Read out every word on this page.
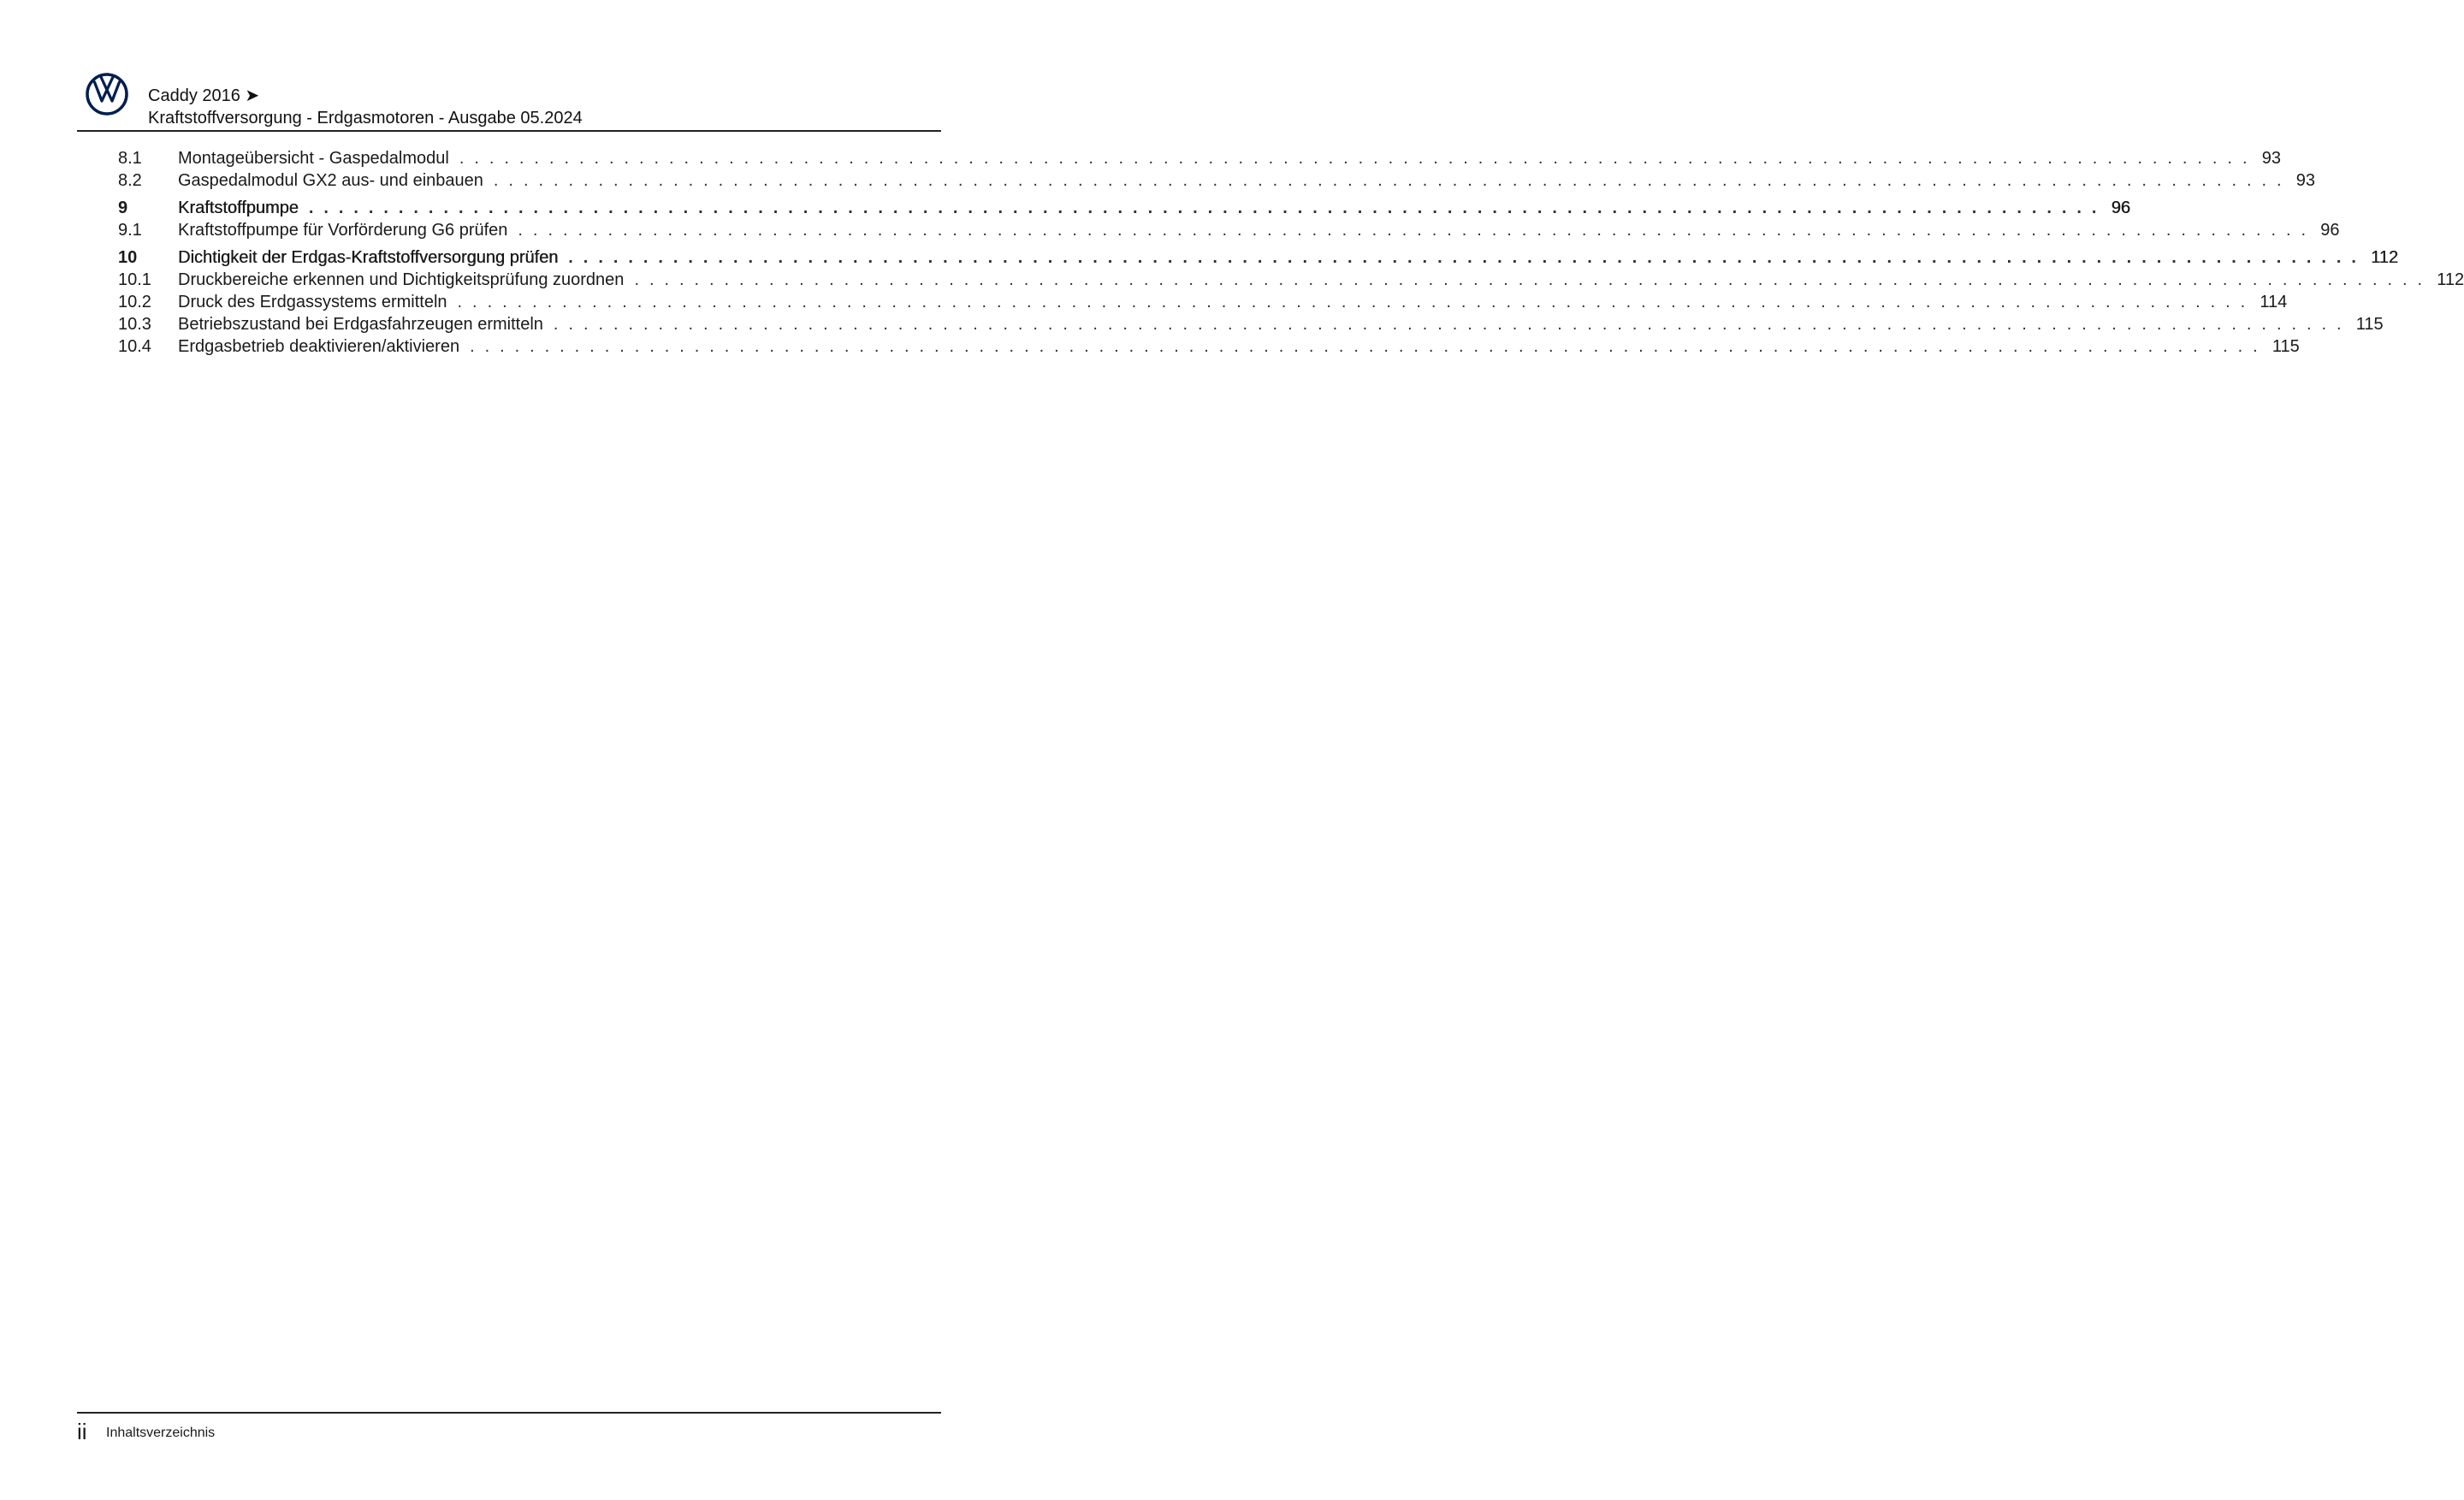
Caddy 2016 ➤
Kraftstoffversorgung - Erdgasmotoren - Ausgabe 05.2024
8.1	Montageübersicht - Gaspedalmodul . . . . . . . . . . . . . . . . . . . . . . . . . . . . . . . . . . . . . . . . . . . . . . . . . . . . . . . . . . . . . . . . . . . . . . . . . . . . . . . . . . . . . . . . . . . . . . . . . . . . . . . . . . . . . . . . . . . . . . . . 93
8.2	Gaspedalmodul GX2 aus- und einbauen . . . . . . . . . . . . . . . . . . . . . . . . . . . . . . . . . . . . . . . . . . . . . . . . . . . . . . . . . . . . . . . . . . . . . . . . . . . . . . . . . . . . . . . . . . . . . . . . . . . . . . . . . . . . . . . . . . . . . . . . 93
9	Kraftstoffpumpe . . . . . . . . . . . . . . . . . . . . . . . . . . . . . . . . . . . . . . . . . . . . . . . . . . . . . . . . . . . . . . . . . . . . . . . . . . . . . . . . . . . . . . . . . . . . . . . . . . . . . . . . . . . . . . . . . . . . . . . . 96
9.1	Kraftstoffpumpe für Vorförderung G6 prüfen . . . . . . . . . . . . . . . . . . . . . . . . . . . . . . . . . . . . . . . . . . . . . . . . . . . . . . . . . . . . . . . . . . . . . . . . . . . . . . . . . . . . . . . . . . . . . . . . . . . . . . . . . . . . . . . . . . . . . . . . 96
10	Dichtigkeit der Erdgas-Kraftstoffversorgung prüfen . . . . . . . . . . . . . . . . . . . . . . . . . . . . . . . . . . . . . . . . . . . . . . . . . . . . . . . . . . . . . . . . . . . . . . . . . . . . . . . . . . . . . . . . . . . . . . . . . . . . . . . . . . . . . . . . . . . . . . . . 112
10.1	Druckbereiche erkennen und Dichtigkeitsprüfung zuordnen . . . . . . . . . . . . . . . . . . . . . . . . . . . . . . . . . . . . . . . . . . . . . . . . . . . . . . . . . . . . . . . . . . . . . . . . . . . . . . . . . . . . . . . . . . . . . . . . . . . . . . . . . . . . . . . . . . . . . . . . 112
10.2	Druck des Erdgassystems ermitteln . . . . . . . . . . . . . . . . . . . . . . . . . . . . . . . . . . . . . . . . . . . . . . . . . . . . . . . . . . . . . . . . . . . . . . . . . . . . . . . . . . . . . . . . . . . . . . . . . . . . . . . . . . . . . . . . . . . . . . . . 114
10.3	Betriebszustand bei Erdgasfahrzeugen ermitteln . . . . . . . . . . . . . . . . . . . . . . . . . . . . . . . . . . . . . . . . . . . . . . . . . . . . . . . . . . . . . . . . . . . . . . . . . . . . . . . . . . . . . . . . . . . . . . . . . . . . . . . . . . . . . . . . . . . . . . . . 115
10.4	Erdgasbetrieb deaktivieren/aktivieren . . . . . . . . . . . . . . . . . . . . . . . . . . . . . . . . . . . . . . . . . . . . . . . . . . . . . . . . . . . . . . . . . . . . . . . . . . . . . . . . . . . . . . . . . . . . . . . . . . . . . . . . . . . . . . . . . . . . . . . . 115
ii Inhaltsverzeichnis
